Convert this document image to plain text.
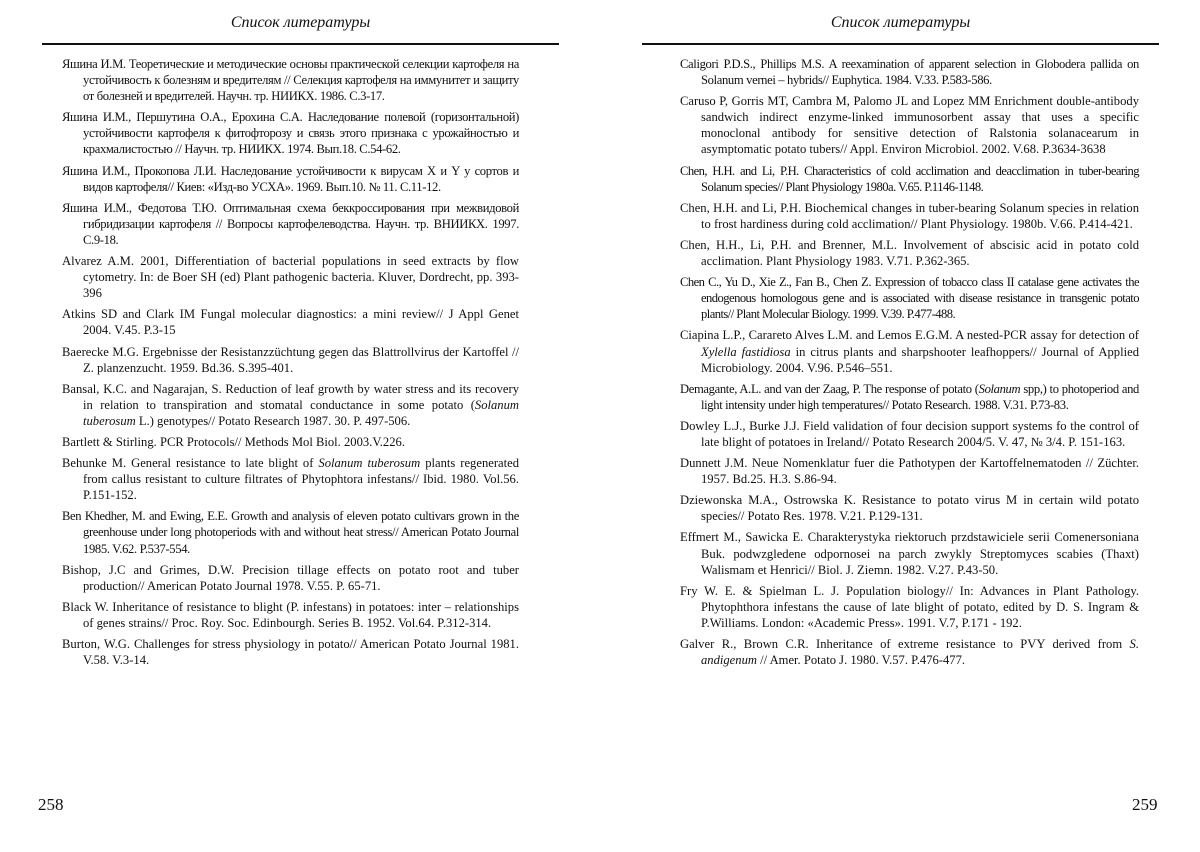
Список литературы
Яшина И.М. Теоретические и методические основы практической селекции картофеля на устойчивость к болезням и вредителям // Селекция картофеля на иммунитет и защиту от болезней и вредителей. Научн. тр. НИИКХ. 1986. С.3-17.
Яшина И.М., Першутина О.А., Ерохина С.А. Наследование полевой (горизонтальной) устойчивости картофеля к фитофторозу и связь этого признака с урожайностью и крахмалистостью // Научн. тр. НИИКХ. 1974. Вып.18. С.54-62.
Яшина И.М., Прокопова Л.И. Наследование устойчивости к вирусам X и Y у сортов и видов картофеля// Киев: «Изд-во УСХА». 1969. Вып.10. № 11. С.11-12.
Яшина И.М., Федотова Т.Ю. Оптимальная схема беккроссирования при межвидовой гибридизации картофеля // Вопросы картофелеводства. Научн. тр. ВНИИКХ. 1997. С.9-18.
Alvarez A.M. 2001, Differentiation of bacterial populations in seed extracts by flow cytometry. In: de Boer SH (ed) Plant pathogenic bacteria. Kluver, Dordrecht, pp. 393-396
Atkins SD and Clark IM Fungal molecular diagnostics: a mini review// J Appl Genet 2004. V.45. P.3-15
Baerecke M.G. Ergebnisse der Resistanzzüchtung gegen das Blattrollvirus der Kartoffel // Z. planzenzucht. 1959. Bd.36. S.395-401.
Bansal, K.C. and Nagarajan, S. Reduction of leaf growth by water stress and its recovery in relation to transpiration and stomatal conductance in some potato (Solanum tuberosum L.) genotypes// Potato Research 1987. 30. P. 497-506.
Bartlett & Stirling. PCR Protocols// Methods Mol Biol. 2003.V.226.
Behunke M. General resistance to late blight of Solanum tuberosum plants regenerated from callus resistant to culture filtrates of Phytophtora infestans// Ibid. 1980. Vol.56. P.151-152.
Ben Khedher, M. and Ewing, E.E. Growth and analysis of eleven potato cultivars grown in the greenhouse under long photoperiods with and without heat stress// American Potato Journal 1985. V.62. P.537-554.
Bishop, J.C and Grimes, D.W. Precision tillage effects on potato root and tuber production// American Potato Journal 1978. V.55. P. 65-71.
Black W. Inheritance of resistance to blight (P. infestans) in potatoes: inter – relationships of genes strains// Proc. Roy. Soc. Edinbourgh. Series B. 1952. Vol.64. P.312-314.
Burton, W.G. Challenges for stress physiology in potato// American Potato Journal 1981. V.58. V.3-14.
258
Список литературы
Caligori P.D.S., Phillips M.S. A reexamination of apparent selection in Globodera pallida on Solanum vernei – hybrids// Euphytica. 1984. V.33. P.583-586.
Caruso P, Gorris MT, Cambra M, Palomo JL and Lopez MM Enrichment double-antibody sandwich indirect enzyme-linked immunosorbent assay that uses a specific monoclonal antibody for sensitive detection of Ralstonia solanacearum in asymptomatic potato tubers// Appl. Environ Microbiol. 2002. V.68. P.3634-3638
Chen, H.H. and Li, P.H. Characteristics of cold acclimation and deacclimation in tuber-bearing Solanum species// Plant Physiology 1980a. V.65. P.1146-1148.
Chen, H.H. and Li, P.H. Biochemical changes in tuber-bearing Solanum species in relation to frost hardiness during cold acclimation// Plant Physiology. 1980b. V.66. P.414-421.
Chen, H.H., Li, P.H. and Brenner, M.L. Involvement of abscisic acid in potato cold acclimation. Plant Physiology 1983. V.71. P.362-365.
Chen C., Yu D., Xie Z., Fan B., Chen Z. Expression of tobacco class II catalase gene activates the endogenous homologous gene and is associated with disease resistance in transgenic potato plants// Plant Molecular Biology. 1999. V.39. P.477-488.
Ciapina L.P., Carareto Alves L.M. and Lemos E.G.M. A nested-PCR assay for detection of Xylella fastidiosa in citrus plants and sharpshooter leafhoppers// Journal of Applied Microbiology. 2004. V.96. P.546–551.
Demagante, A.L. and van der Zaag, P. The response of potato (Solanum spp,) to photoperiod and light intensity under high temperatures// Potato Research. 1988. V.31. P.73-83.
Dowley L.J., Burke J.J. Field validation of four decision support systems fo the control of late blight of potatoes in Ireland// Potato Research 2004/5. V. 47, № 3/4. P. 151-163.
Dunnett J.M. Neue Nomenklatur fuer die Pathotypen der Kartoffelnematoden // Züchter. 1957. Bd.25. H.3. S.86-94.
Dziewonska M.A., Ostrowska K. Resistance to potato virus M in certain wild potato species// Potato Res. 1978. V.21. P.129-131.
Effmert M., Sawicka E. Charakterystyka riektoruch przdstawiciele serii Comenersoniana Buk. podwzgledene odpornosei na parch zwykly Streptomyces scabies (Thaxt) Walismam et Henrici// Biol. J. Ziemn. 1982. V.27. P.43-50.
Fry W. E. & Spielman L. J. Population biology// In: Advances in Plant Pathology. Phytophthora infestans the cause of late blight of potato, edited by D. S. Ingram & P.Williams. London: «Academic Press». 1991. V.7, P.171 - 192.
Galver R., Brown C.R. Inheritance of extreme resistance to PVY derived from S. andigenum // Amer. Potato J. 1980. V.57. P.476-477.
259
